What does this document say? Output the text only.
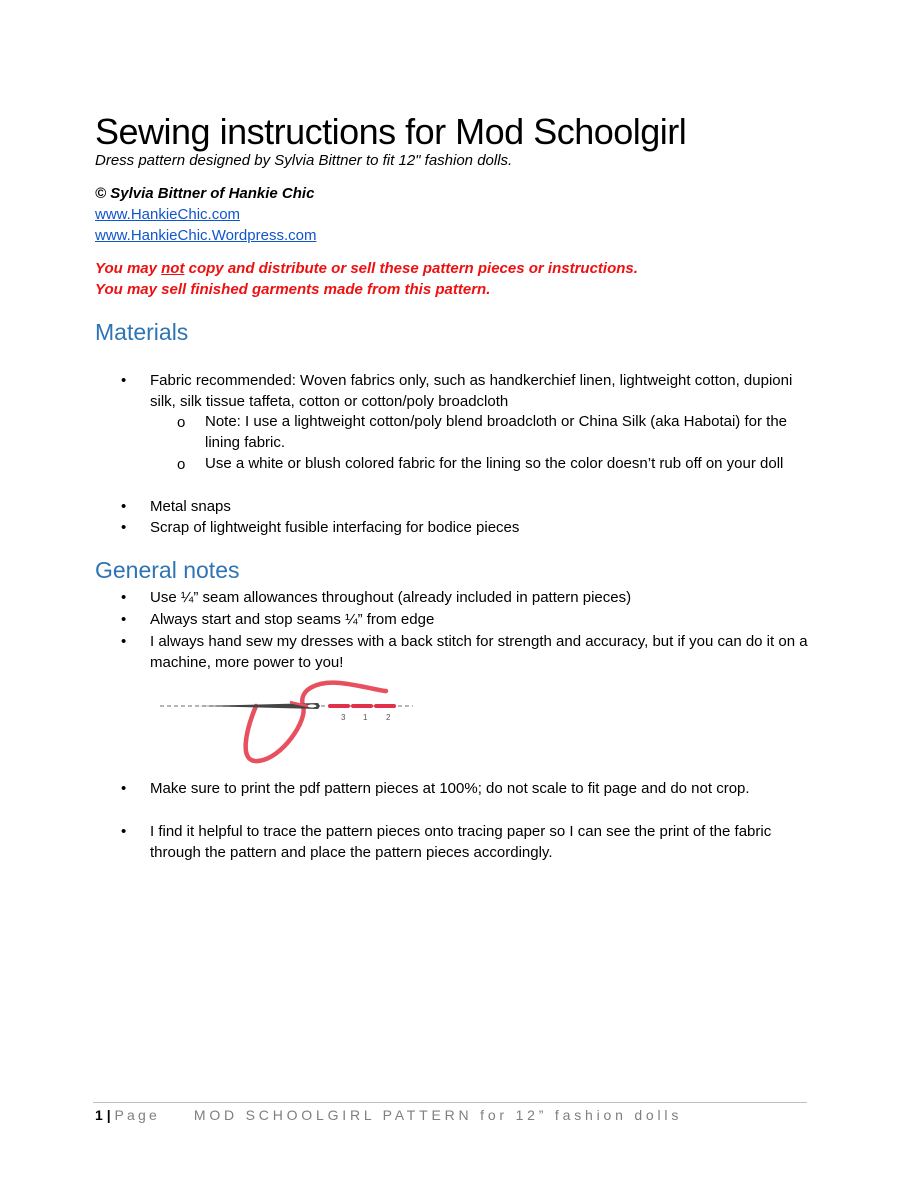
Sewing instructions for Mod Schoolgirl
Dress pattern designed by Sylvia Bittner to fit 12" fashion dolls.
© Sylvia Bittner of Hankie Chic
www.HankieChic.com
www.HankieChic.Wordpress.com
You may not copy and distribute or sell these pattern pieces or instructions.
You may sell finished garments made from this pattern.
Materials
• Fabric recommended: Woven fabrics only, such as handkerchief linen, lightweight cotton, dupioni silk, silk tissue taffeta, cotton or cotton/poly broadcloth
o Note: I use a lightweight cotton/poly blend broadcloth or China Silk (aka Habotai) for the lining fabric.
o Use a white or blush colored fabric for the lining so the color doesn’t rub off on your doll
• Metal snaps
• Scrap of lightweight fusible interfacing for bodice pieces
General notes
• Use ¼” seam allowances throughout (already included in pattern pieces)
• Always start and stop seams ¼” from edge
• I always hand sew my dresses with a back stitch for strength and accuracy, but if you can do it on a machine, more power to you!
• Make sure to print the pdf pattern pieces at 100%; do not scale to fit page and do not crop.
• I find it helpful to trace the pattern pieces onto tracing paper so I can see the print of the fabric through the pattern and place the pattern pieces accordingly.
3 1 2
1 | Page MOD SCHOOLGIRL PATTERN for 12” fashion dolls
